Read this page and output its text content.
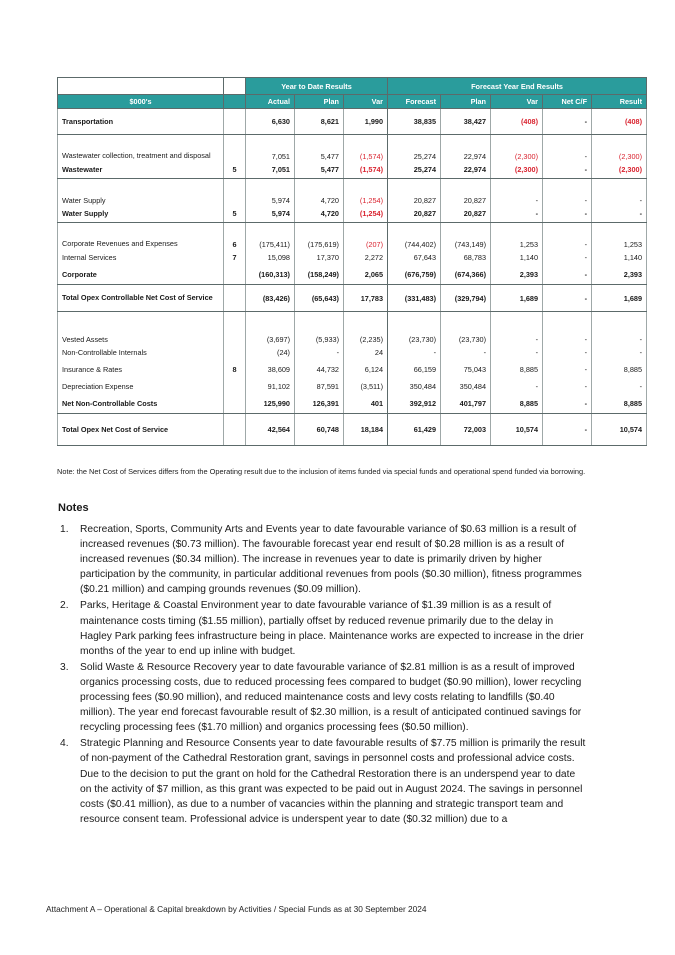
		Year to Date Results			Forecast Year End Results				
$000's		Actual	Plan	Var	Forecast	Plan	Var	Net C/F	Result
Transportation		6,630	8,621	1,990	38,835	38,427	(408)	-	(408)
Wastewater collection, treatment and disposal		7,051	5,477	(1,574)	25,274	22,974	(2,300)	-	(2,300)
Wastewater	5	7,051	5,477	(1,574)	25,274	22,974	(2,300)	-	(2,300)
Water Supply		5,974	4,720	(1,254)	20,827	20,827	-	-	-
Water Supply	5	5,974	4,720	(1,254)	20,827	20,827	-	-	-
Corporate Revenues and Expenses	6	(175,411)	(175,619)	(207)	(744,402)	(743,149)	1,253	-	1,253
Internal Services	7	15,098	17,370	2,272	67,643	68,783	1,140	-	1,140
Corporate		(160,313)	(158,249)	2,065	(676,759)	(674,366)	2,393	-	2,393
Total Opex Controllable Net Cost of Service		(83,426)	(65,643)	17,783	(331,483)	(329,794)	1,689	-	1,689
Vested Assets		(3,697)	(5,933)	(2,235)	(23,730)	(23,730)	-	-	-
Non-Controllable Internals		(24)	-	24	-	-	-	-	-
Insurance & Rates	8	38,609	44,732	6,124	66,159	75,043	8,885	-	8,885
Depreciation Expense		91,102	87,591	(3,511)	350,484	350,484	-	-	-
Net Non-Controllable Costs		125,990	126,391	401	392,912	401,797	8,885	-	8,885
Total Opex Net Cost of Service		42,564	60,748	18,184	61,429	72,003	10,574	-	10,574
Note: the Net Cost of Services differs from the Operating result due to the inclusion of items funded via special funds and operational spend funded via borrowing.
Notes
1. Recreation, Sports, Community Arts and Events year to date favourable variance of $0.63 million is a result of increased revenues ($0.73 million). The favourable forecast year end result of $0.28 million is as a result of increased revenues ($0.34 million). The increase in revenues year to date is primarily driven by higher participation by the community, in particular additional revenues from pools ($0.30 million), fitness programmes ($0.21 million) and camping grounds revenues ($0.09 million).
2. Parks, Heritage & Coastal Environment year to date favourable variance of $1.39 million is as a result of maintenance costs timing ($1.55 million), partially offset by reduced revenue primarily due to the delay in Hagley Park parking fees infrastructure being in place. Maintenance works are expected to increase in the drier months of the year to end up inline with budget.
3. Solid Waste & Resource Recovery year to date favourable variance of $2.81 million is as a result of improved organics processing costs, due to reduced processing fees compared to budget ($0.90 million), lower recycling processing fees ($0.90 million), and reduced maintenance costs and levy costs relating to landfills ($0.40 million). The year end forecast favourable result of $2.30 million, is a result of anticipated continued savings for recycling processing fees ($1.70 million) and organics processing fees ($0.50 million).
4. Strategic Planning and Resource Consents year to date favourable results of $7.75 million is primarily the result of non-payment of the Cathedral Restoration grant, savings in personnel costs and professional advice costs. Due to the decision to put the grant on hold for the Cathedral Restoration there is an underspend year to date on the activity of $7 million, as this grant was expected to be paid out in August 2024. The savings in personnel costs ($0.41 million), as due to a number of vacancies within the planning and strategic transport team and resource consent team. Professional advice is underspent year to date ($0.32 million) due to a
Attachment A – Operational & Capital breakdown by Activities / Special Funds as at 30 September 2024
